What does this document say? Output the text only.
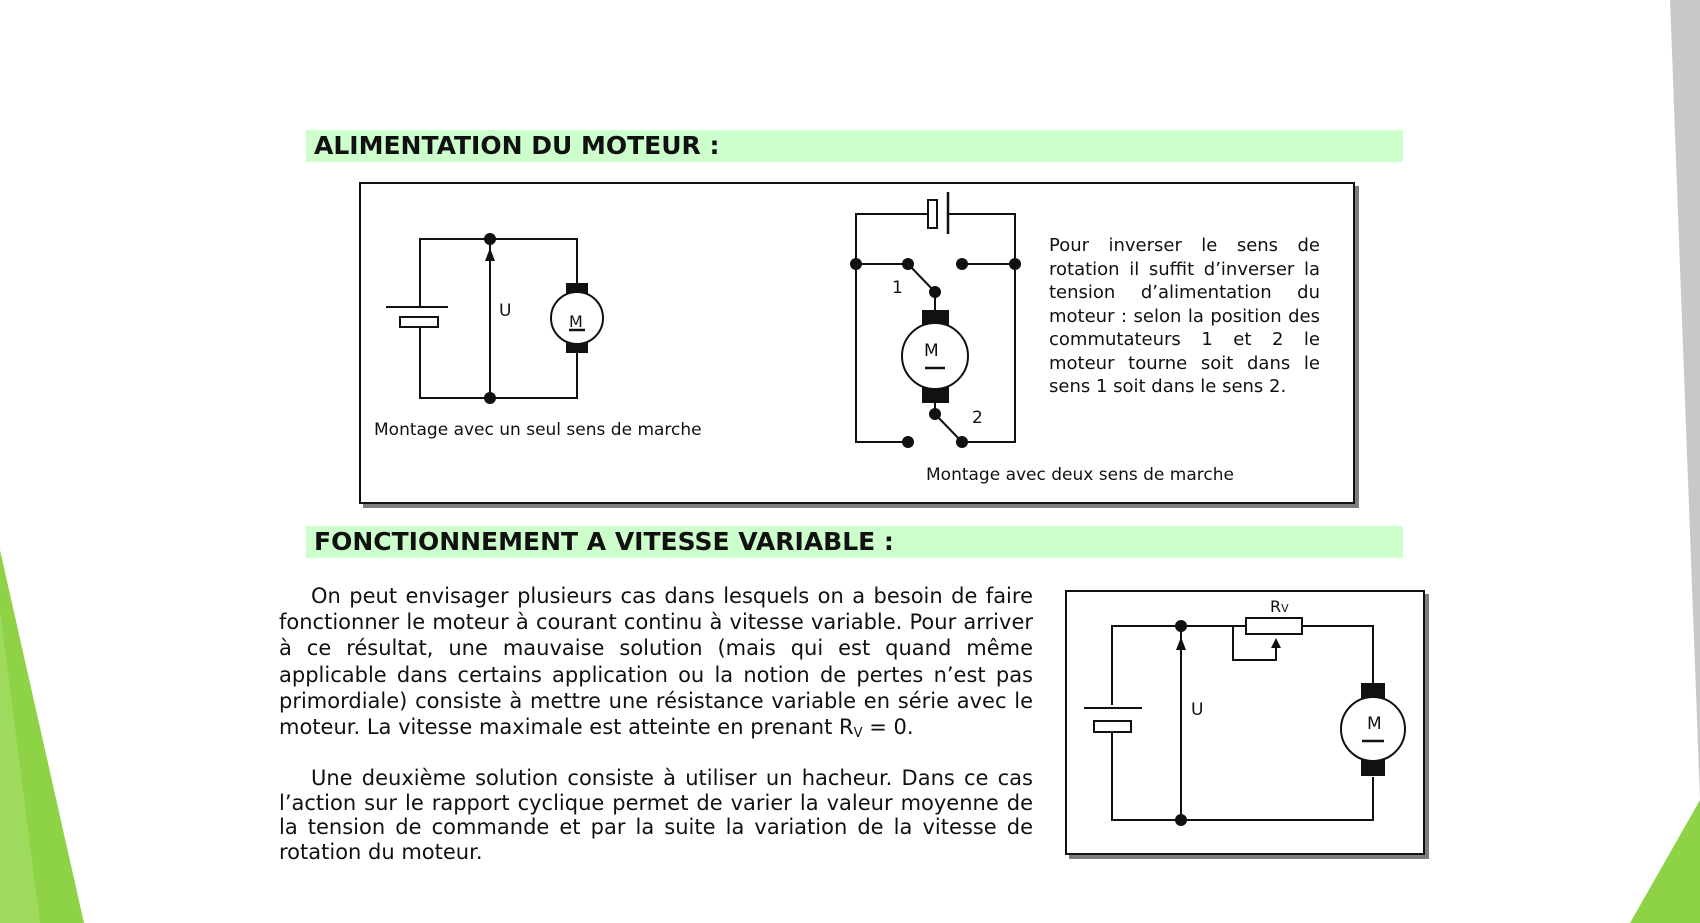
ALIMENTATION DU MOTEUR :
U
M
Montage avec un seul sens de marche
1
2
M
Montage avec deux sens de marche
Pour inverser le sens de rotation il suffit d’inverser la tension d’alimentation du moteur : selon la position des commutateurs 1 et 2 le moteur tourne soit dans le sens 1 soit dans le sens 2.
FONCTIONNEMENT A VITESSE VARIABLE :
On peut envisager plusieurs cas dans lesquels on a besoin de faire fonctionner le moteur à courant continu à vitesse variable. Pour arriver à ce résultat, une mauvaise solution (mais qui est quand même applicable dans certains application ou la notion de pertes n’est pas primordiale) consiste à mettre une résistance variable en série avec le moteur. La vitesse maximale est atteinte en prenant $R_V = 0$.
Une deuxième solution consiste à utiliser un hacheur. Dans ce cas l’action sur le rapport cyclique permet de varier la valeur moyenne de la tension de commande et par la suite la variation de la vitesse de rotation du moteur.
RV
U
M
